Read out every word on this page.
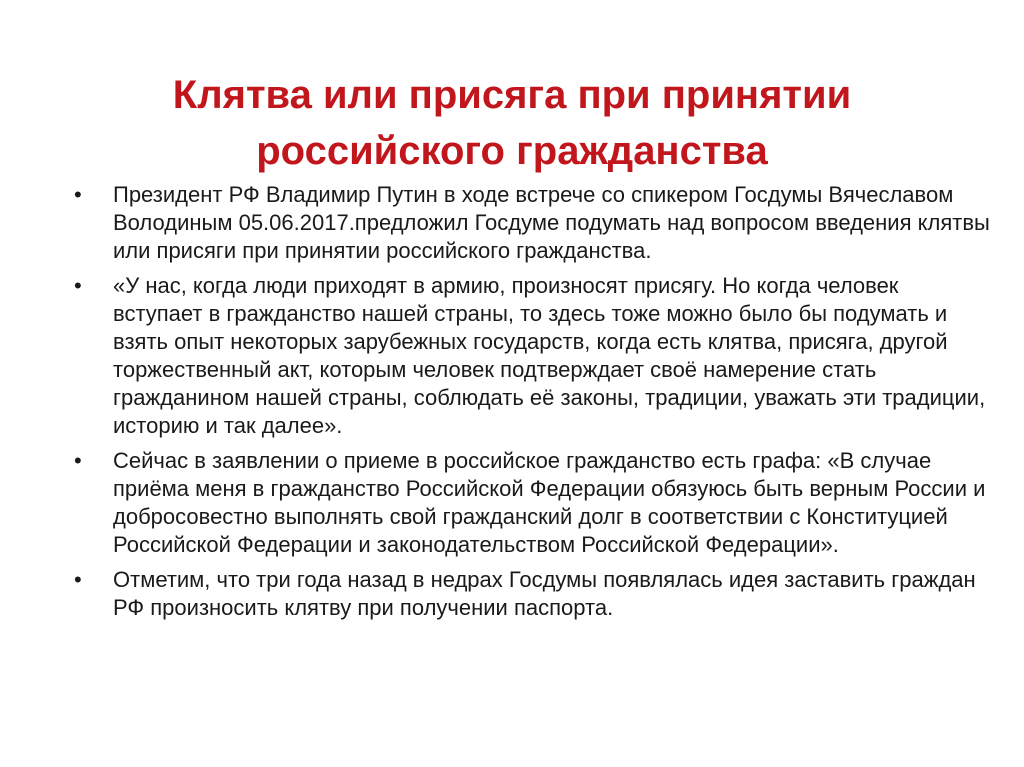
Клятва или присяга при принятии
российского гражданства
• Президент РФ Владимир Путин в ходе встрече со спикером Госдумы Вячеславом Володиным 05.06.2017.предложил Госдуме подумать над вопросом введения клятвы или присяги при принятии российского гражданства.
• «У нас, когда люди приходят в армию, произносят присягу. Но когда человек вступает в гражданство нашей страны, то здесь тоже можно было бы подумать и взять опыт некоторых зарубежных государств, когда есть клятва, присяга, другой торжественный акт, которым человек подтверждает своё намерение стать гражданином нашей страны, соблюдать её законы, традиции, уважать эти традиции, историю и так далее».
• Сейчас в заявлении о приеме в российское гражданство есть графа: «В случае приёма меня в гражданство Российской Федерации обязуюсь быть верным России и добросовестно выполнять свой гражданский долг в соответствии с Конституцией Российской Федерации и законодательством Российской Федерации».
• Отметим, что три года назад в недрах Госдумы появлялась идея заставить граждан РФ произносить клятву при получении паспорта.
